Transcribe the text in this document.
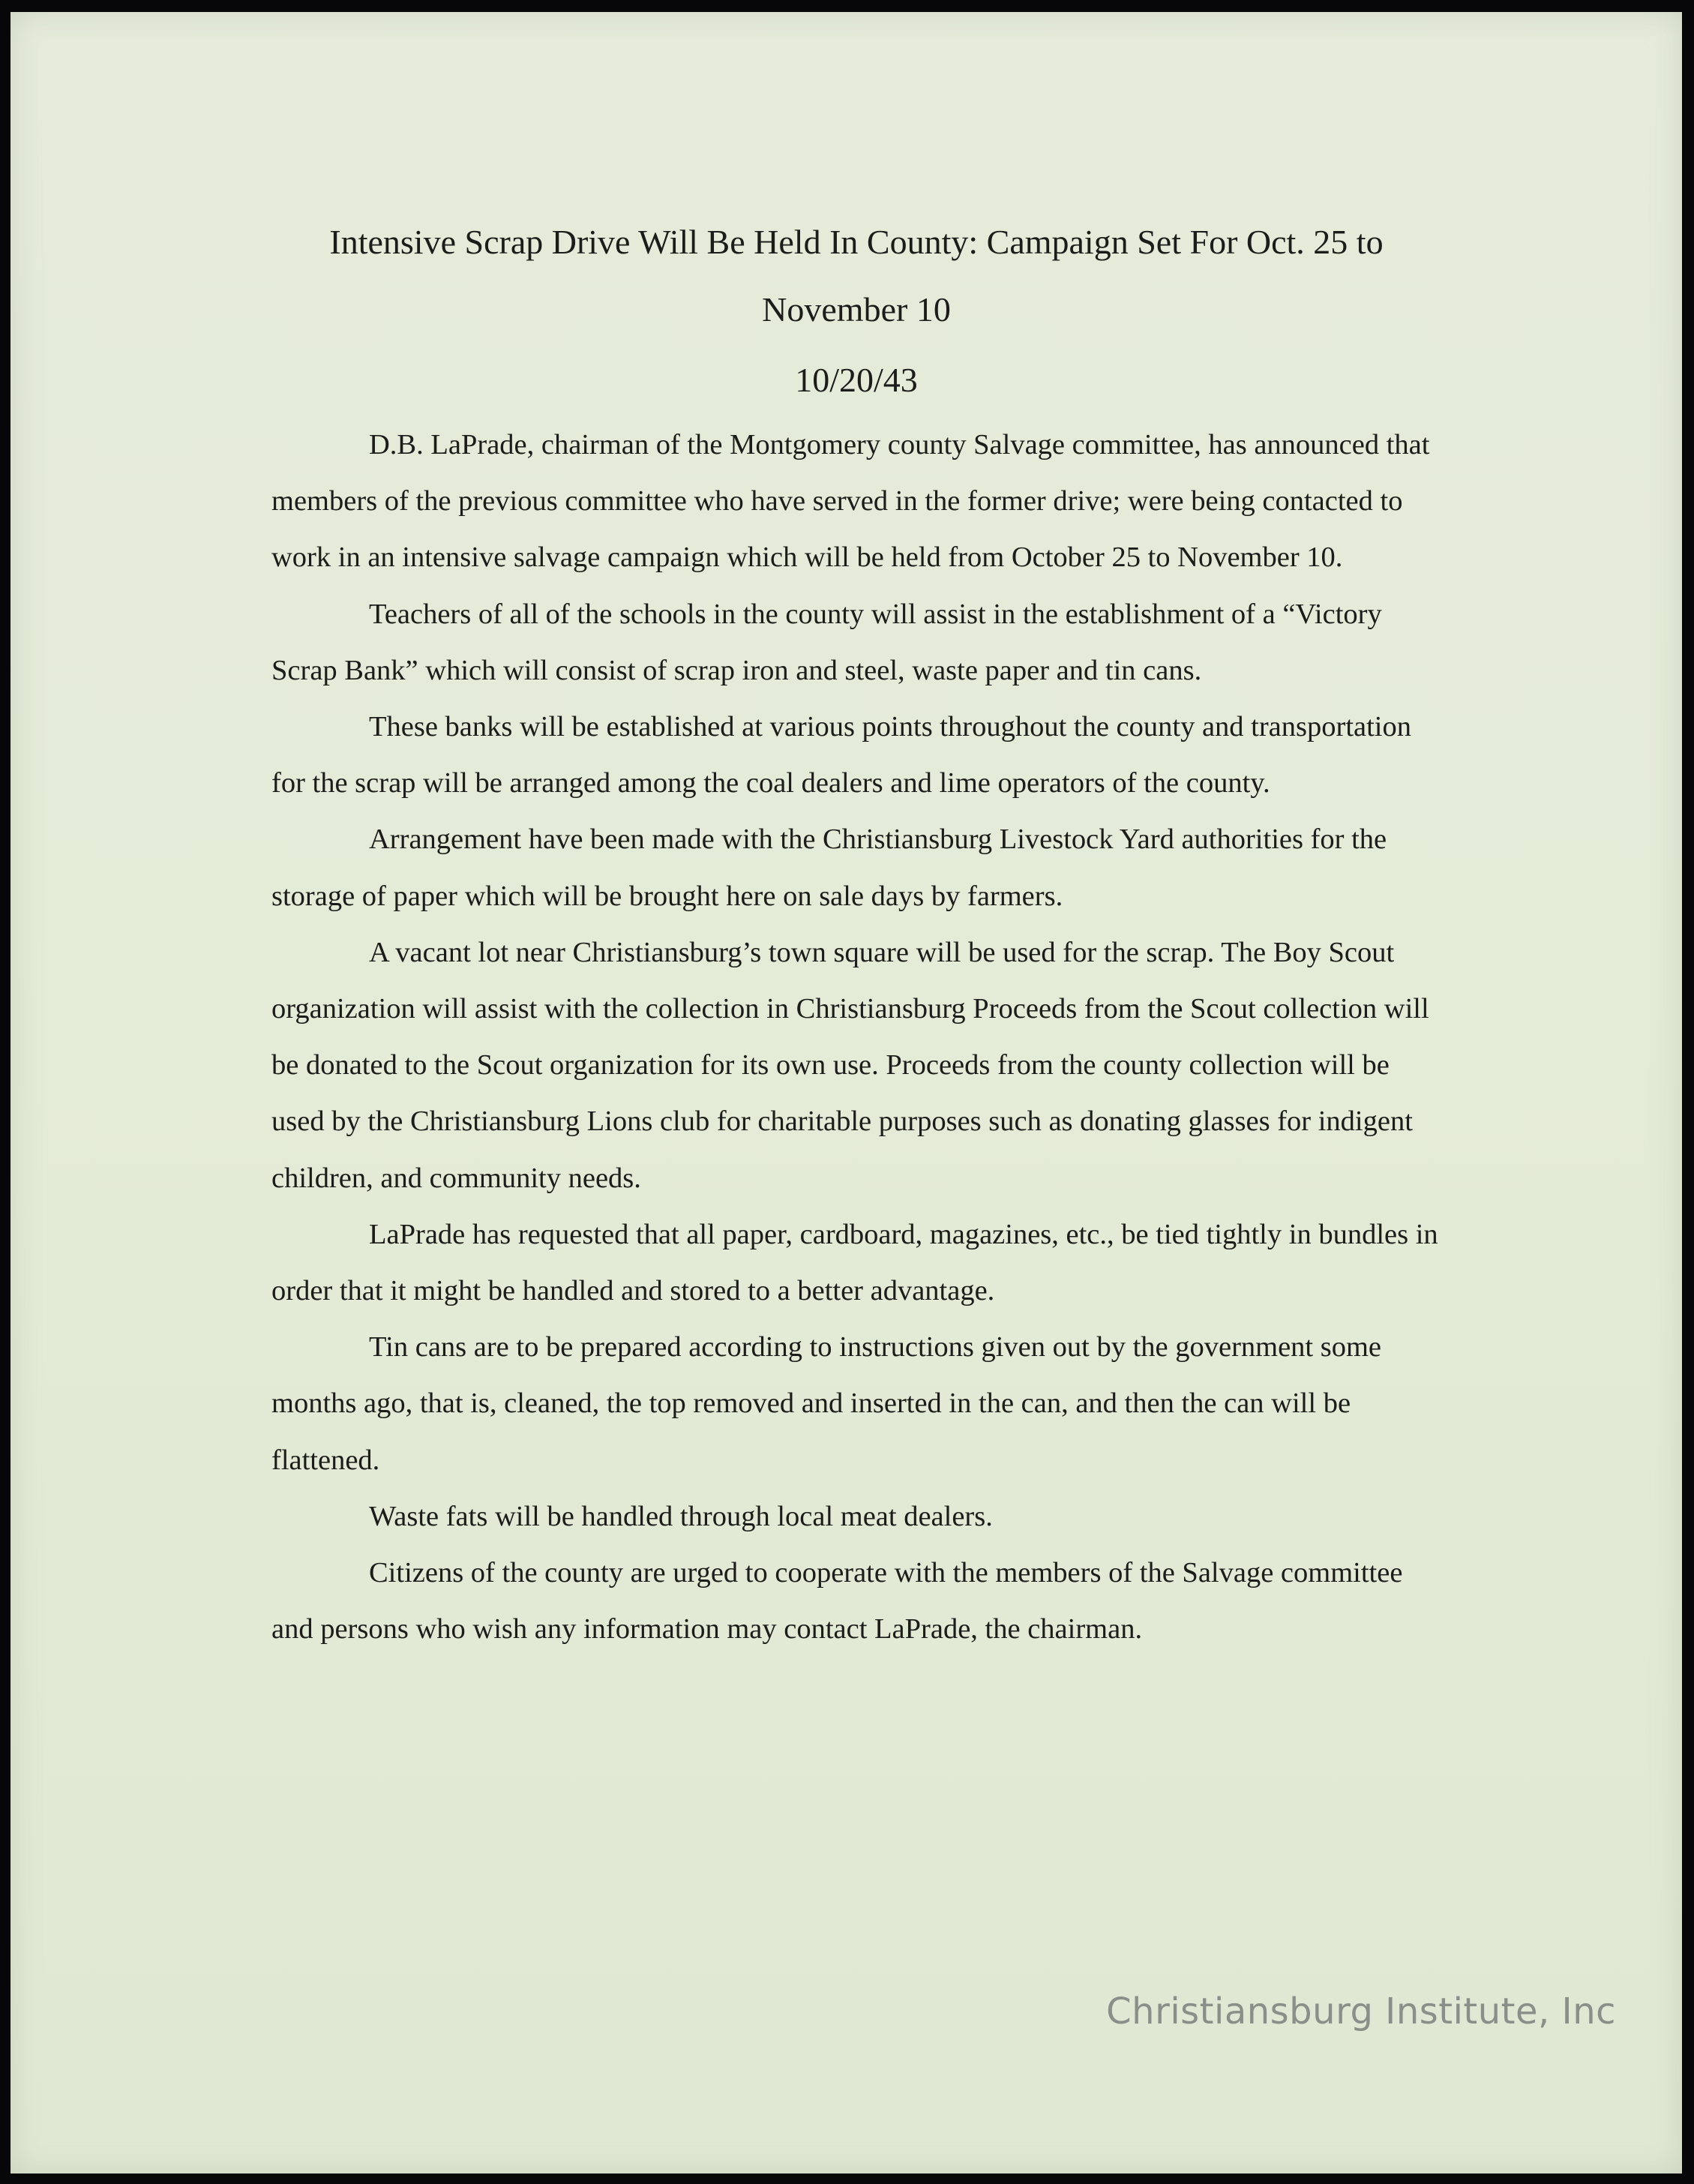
Intensive Scrap Drive Will Be Held In County: Campaign Set For Oct. 25 to November 10
10/20/43

D.B. LaPrade, chairman of the Montgomery county Salvage committee, has announced that members of the previous committee who have served in the former drive; were being contacted to work in an intensive salvage campaign which will be held from October 25 to November 10.

Teachers of all of the schools in the county will assist in the establishment of a “Victory Scrap Bank” which will consist of scrap iron and steel, waste paper and tin cans.

These banks will be established at various points throughout the county and transportation for the scrap will be arranged among the coal dealers and lime operators of the county.

Arrangement have been made with the Christiansburg Livestock Yard authorities for the storage of paper which will be brought here on sale days by farmers.

A vacant lot near Christiansburg’s town square will be used for the scrap. The Boy Scout organization will assist with the collection in Christiansburg Proceeds from the Scout collection will be donated to the Scout organization for its own use. Proceeds from the county collection will be used by the Christiansburg Lions club for charitable purposes such as donating glasses for indigent children, and community needs.

LaPrade has requested that all paper, cardboard, magazines, etc., be tied tightly in bundles in order that it might be handled and stored to a better advantage.

Tin cans are to be prepared according to instructions given out by the government some months ago, that is, cleaned, the top removed and inserted in the can, and then the can will be flattened.

Waste fats will be handled through local meat dealers.

Citizens of the county are urged to cooperate with the members of the Salvage committee and persons who wish any information may contact LaPrade, the chairman.

Christiansburg Institute, Inc
